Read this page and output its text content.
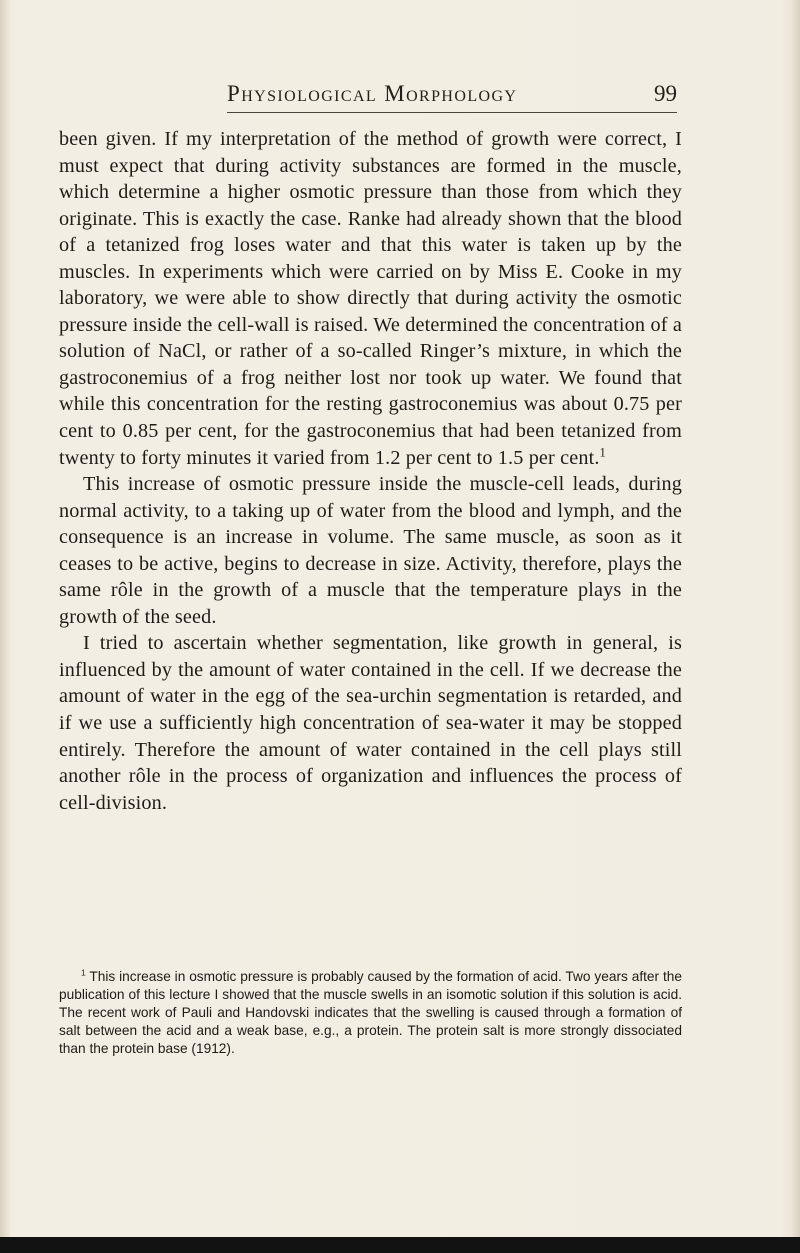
Physiological Morphology	99

been given. If my interpretation of the method of growth were correct, I must expect that during activity substances are formed in the muscle, which determine a higher osmotic pressure than those from which they originate. This is exactly the case. Ranke had already shown that the blood of a tetanized frog loses water and that this water is taken up by the muscles. In experiments which were carried on by Miss E. Cooke in my laboratory, we were able to show directly that during activity the osmotic pressure inside the cell-wall is raised. We determined the concentration of a solution of NaCl, or rather of a so-called Ringer’s mixture, in which the gastroconemius of a frog neither lost nor took up water. We found that while this concentration for the resting gastroconemius was about 0.75 per cent to 0.85 per cent, for the gastroconemius that had been tetanized from twenty to forty minutes it varied from 1.2 per cent to 1.5 per cent.$^1$

This increase of osmotic pressure inside the muscle-cell leads, during normal activity, to a taking up of water from the blood and lymph, and the consequence is an increase in volume. The same muscle, as soon as it ceases to be active, begins to decrease in size. Activity, therefore, plays the same rôle in the growth of a muscle that the temperature plays in the growth of the seed.

I tried to ascertain whether segmentation, like growth in general, is influenced by the amount of water contained in the cell. If we decrease the amount of water in the egg of the sea-urchin segmentation is retarded, and if we use a sufficiently high concentration of sea-water it may be stopped entirely. Therefore the amount of water contained in the cell plays still another rôle in the process of organization and influences the process of cell-division.

$^1$ This increase in osmotic pressure is probably caused by the formation of acid. Two years after the publication of this lecture I showed that the muscle swells in an isomotic solution if this solution is acid. The recent work of Pauli and Handovski indicates that the swelling is caused through a formation of salt between the acid and a weak base, e.g., a protein. The protein salt is more strongly dissociated than the protein base (1912).
